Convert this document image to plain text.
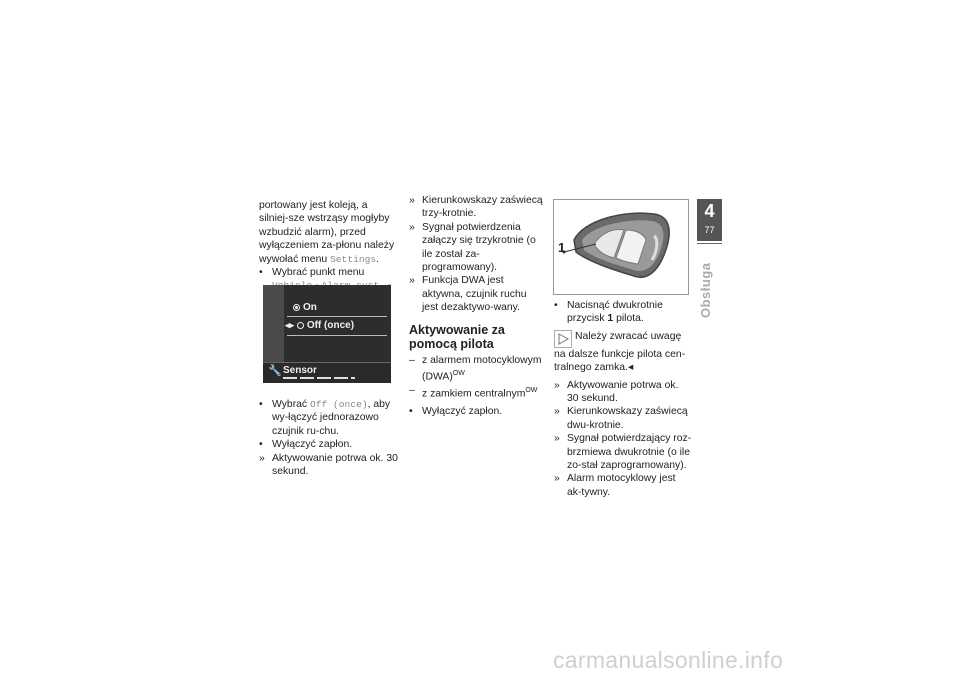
portowany jest koleją, a silniej-sze wstrząsy mogłyby wzbudzić alarm), przed wyłączeniem za-płonu należy wywołać menu Settings.

• Wybrać punkt menu
On
◂▸ Off (once)
🔧 Sensor
• Wybrać Off (once), aby wy-łączyć jednorazowo czujnik ru-chu.
• Wyłączyć zapłon.
» Aktywowanie potrwa ok. 30 sekund.
» Kierunkowskazy zaświecą trzy-krotnie.
» Sygnał potwierdzenia załączy się trzykrotnie (o ile został za-programowany).
» Funkcja DWA jest aktywna, czujnik ruchu jest dezaktywo-wany.
Aktywowanie za pomocą pilota
– z alarmem motocyklowym (DWA)$^{OW}$
– z zamkiem centralnym$^{OW}$
• Wyłączyć zapłon.
1
• Nacisnąć dwukrotnie przycisk 1 pilota.

Należy zwracać uwagę na dalsze funkcje pilota cen-tralnego zamka.◂

» Aktywowanie potrwa ok. 30 sekund.
» Kierunkowskazy zaświecą dwu-krotnie.
» Sygnał potwierdzający roz-brzmiewa dwukrotnie (o ile zo-stał zaprogramowany).
» Alarm motocyklowy jest ak-tywny.
4
77
Obsługa
carmanualsonline.info
